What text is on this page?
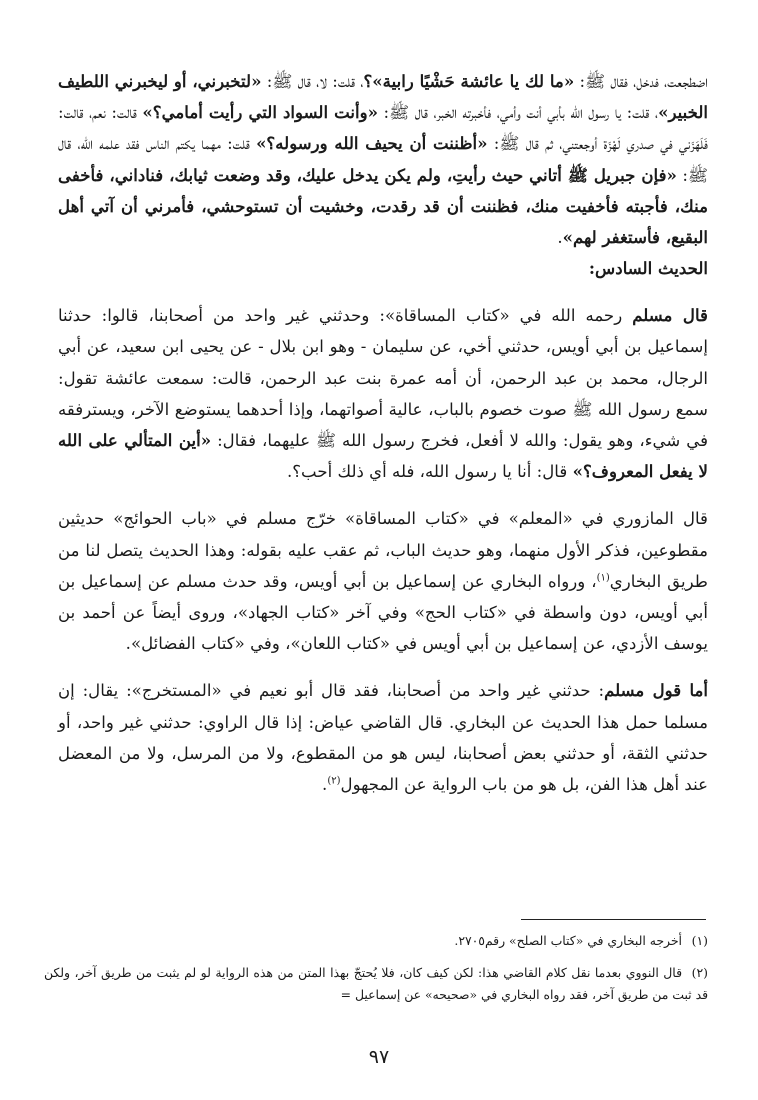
اضطجعت، فدخل، فقال ﷺ: «ما لك يا عائشة حَشْيًا رابية»؟، قلت: لا، قال ﷺ: «لتخبرني، أو ليخبرني اللطيف الخبير»، قلت: يا رسول الله بأبي أنت وأمي، فأخبرته الخبر، قال ﷺ: «وأنت السواد التي رأيت أمامي؟» قالت: نعم، قالت: فَلَهَزَني في صدري لَهْزَة أوجعتني، ثم قال ﷺ: «أظننت أن يحيف الله ورسوله؟» قلت: مهما يكتم الناس فقد علمه الله، قال ﷺ: «فإن جبريل ﷺ أتاني حيث رأيتِ، ولم يكن يدخل عليك، وقد وضعت ثيابك، فناداني، فأخفى منك، فأجبته فأخفيت منك، فظننت أن قد رقدت، وخشيت أن تستوحشي، فأمرني أن آتي أهل البقيع، فأستغفر لهم».

الحديث السادس:

قال مسلم رحمه الله في «كتاب المساقاة»: وحدثني غير واحد من أصحابنا، قالوا: حدثنا إسماعيل بن أبي أويس، حدثني أخي، عن سليمان - وهو ابن بلال - عن يحيى ابن سعيد، عن أبي الرجال، محمد بن عبد الرحمن، أن أمه عمرة بنت عبد الرحمن، قالت: سمعت عائشة تقول: سمع رسول الله ﷺ صوت خصوم بالباب، عالية أصواتهما، وإذا أحدهما يستوضع الآخر، ويسترفقه في شيء، وهو يقول: والله لا أفعل، فخرج رسول الله ﷺ عليهما، فقال: «أين المتألي على الله لا يفعل المعروف؟» قال: أنا يا رسول الله، فله أي ذلك أحب؟.

قال المازوري في «المعلم» في «كتاب المساقاة» خرّج مسلم في «باب الحوائج» حديثين مقطوعين، فذكر الأول منهما، وهو حديث الباب، ثم عقب عليه بقوله: وهذا الحديث يتصل لنا من طريق البخاري$^{(١)}$، ورواه البخاري عن إسماعيل بن أبي أويس، وقد حدث مسلم عن إسماعيل بن أبي أويس، دون واسطة في «كتاب الحج» وفي آخر «كتاب الجهاد»، وروى أيضاً عن أحمد بن يوسف الأزدي، عن إسماعيل بن أبي أويس في «كتاب اللعان»، وفي «كتاب الفضائل».

أما قول مسلم: حدثني غير واحد من أصحابنا، فقد قال أبو نعيم في «المستخرج»: يقال: إن مسلما حمل هذا الحديث عن البخاري. قال القاضي عياض: إذا قال الراوي: حدثني غير واحد، أو حدثني الثقة، أو حدثني بعض أصحابنا، ليس هو من المقطوع، ولا من المرسل، ولا من المعضل عند أهل هذا الفن، بل هو من باب الرواية عن المجهول$^{(٢)}$.

(١)أخرجه البخاري في «كتاب الصلح» رقم٢٧٠٥.

(٢)قال النووي بعدما نقل كلام القاضي هذا: لكن كيف كان، فلا يُحتجّ بهذا المتن من هذه الرواية لو لم يثبت من طريق آخر، ولكن قد ثبت من طريق آخر، فقد رواه البخاري في «صحيحه» عن إسماعيل =

٩٧
